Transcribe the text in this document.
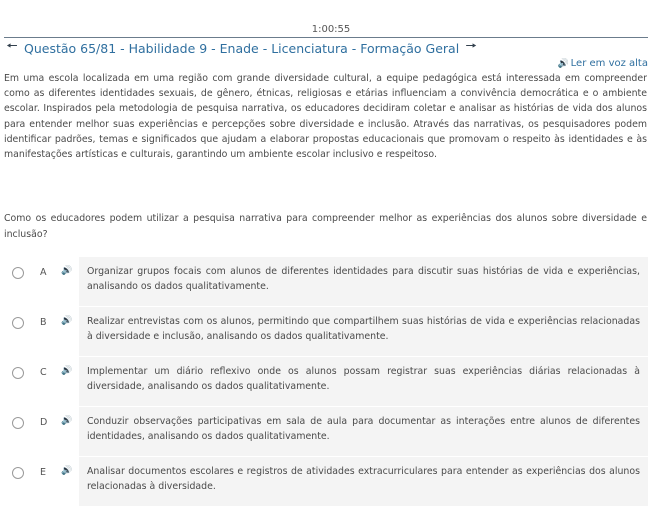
1:00:55
🠔 Questão 65/81 - Habilidade 9 - Enade - Licenciatura - Formação Geral 🠖
🔊 Ler em voz alta

Em uma escola localizada em uma região com grande diversidade cultural, a equipe pedagógica está interessada em compreender como as diferentes identidades sexuais, de gênero, étnicas, religiosas e etárias influenciam a convivência democrática e o ambiente escolar. Inspirados pela metodologia de pesquisa narrativa, os educadores decidiram coletar e analisar as histórias de vida dos alunos para entender melhor suas experiências e percepções sobre diversidade e inclusão. Através das narrativas, os pesquisadores podem identificar padrões, temas e significados que ajudam a elaborar propostas educacionais que promovam o respeito às identidades e às manifestações artísticas e culturais, garantindo um ambiente escolar inclusivo e respeitoso.

Como os educadores podem utilizar a pesquisa narrativa para compreender melhor as experiências dos alunos sobre diversidade e inclusão?

A 🔊	Organizar grupos focais com alunos de diferentes identidades para discutir suas histórias de vida e experiências, analisando os dados qualitativamente.
B 🔊	Realizar entrevistas com os alunos, permitindo que compartilhem suas histórias de vida e experiências relacionadas à diversidade e inclusão, analisando os dados qualitativamente.
C 🔊	Implementar um diário reflexivo onde os alunos possam registrar suas experiências diárias relacionadas à diversidade, analisando os dados qualitativamente.
D 🔊	Conduzir observações participativas em sala de aula para documentar as interações entre alunos de diferentes identidades, analisando os dados qualitativamente.
E 🔊	Analisar documentos escolares e registros de atividades extracurriculares para entender as experiências dos alunos relacionadas à diversidade.
